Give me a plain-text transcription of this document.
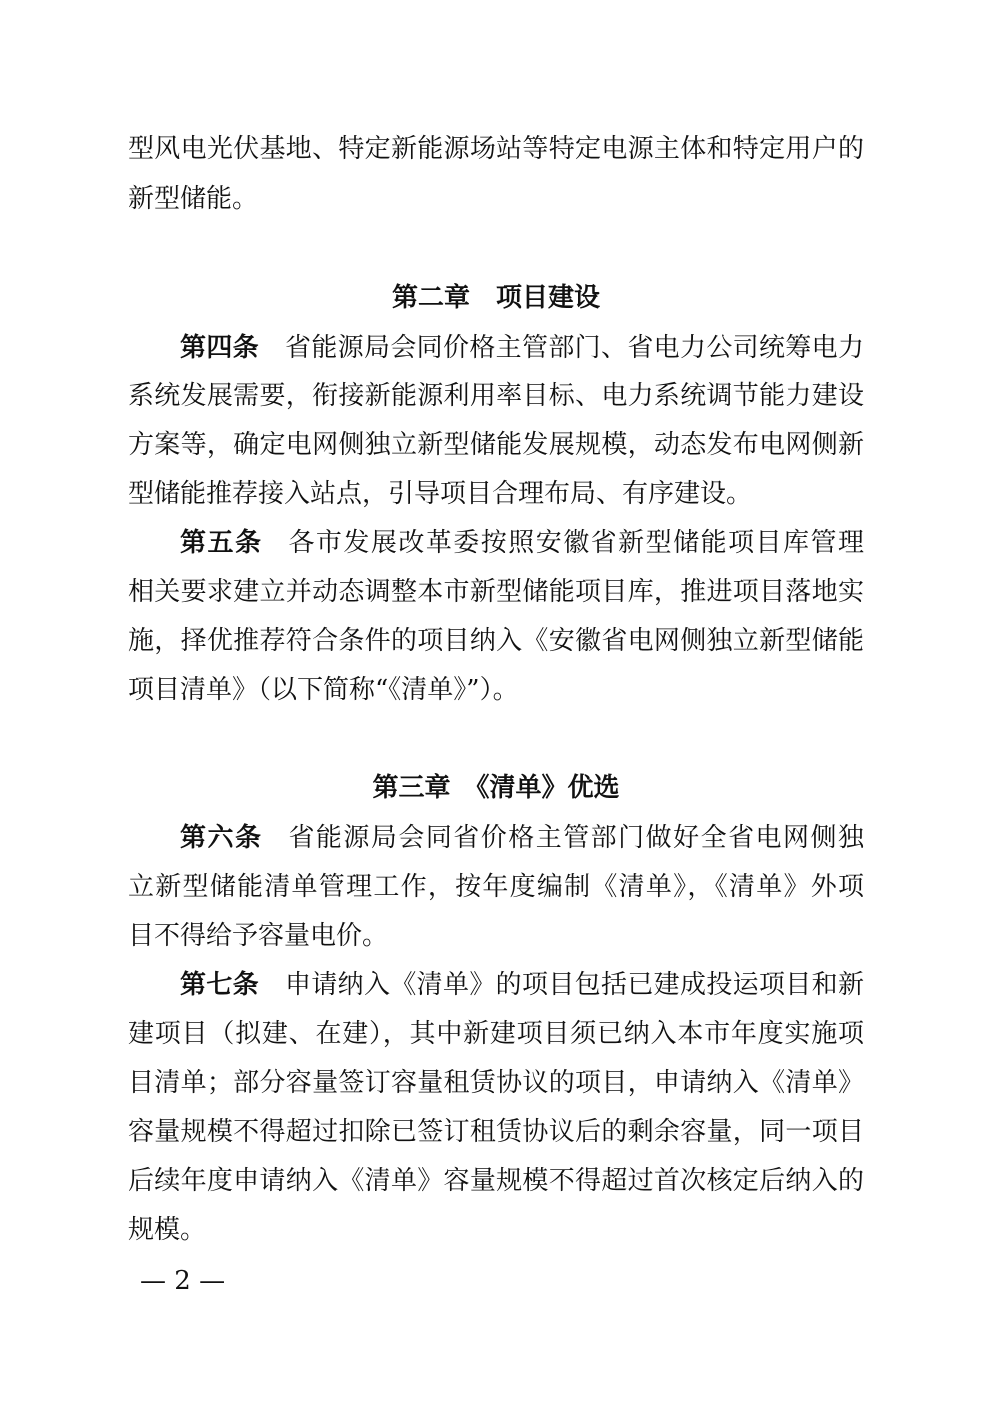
型风电光伏基地、特定新能源场站等特定电源主体和特定用户的
新型储能。
第二章　项目建设
第四条 省能源局会同价格主管部门、省电力公司统筹电力
系统发展需要，衔接新能源利用率目标、电力系统调节能力建设
方案等，确定电网侧独立新型储能发展规模，动态发布电网侧新
型储能推荐接入站点，引导项目合理布局、有序建设。
第五条 各市发展改革委按照安徽省新型储能项目库管理
相关要求建立并动态调整本市新型储能项目库，推进项目落地实
施，择优推荐符合条件的项目纳入《安徽省电网侧独立新型储能
项目清单》（以下简称“《清单》”）。
第三章　《清单》优选
第六条 省能源局会同省价格主管部门做好全省电网侧独
立新型储能清单管理工作，按年度编制《清单》，《清单》外项
目不得给予容量电价。
第七条 申请纳入《清单》的项目包括已建成投运项目和新
建项目（拟建、在建），其中新建项目须已纳入本市年度实施项
目清单；部分容量签订容量租赁协议的项目，申请纳入《清单》
容量规模不得超过扣除已签订租赁协议后的剩余容量，同一项目
后续年度申请纳入《清单》容量规模不得超过首次核定后纳入的
规模。
— 2 —
